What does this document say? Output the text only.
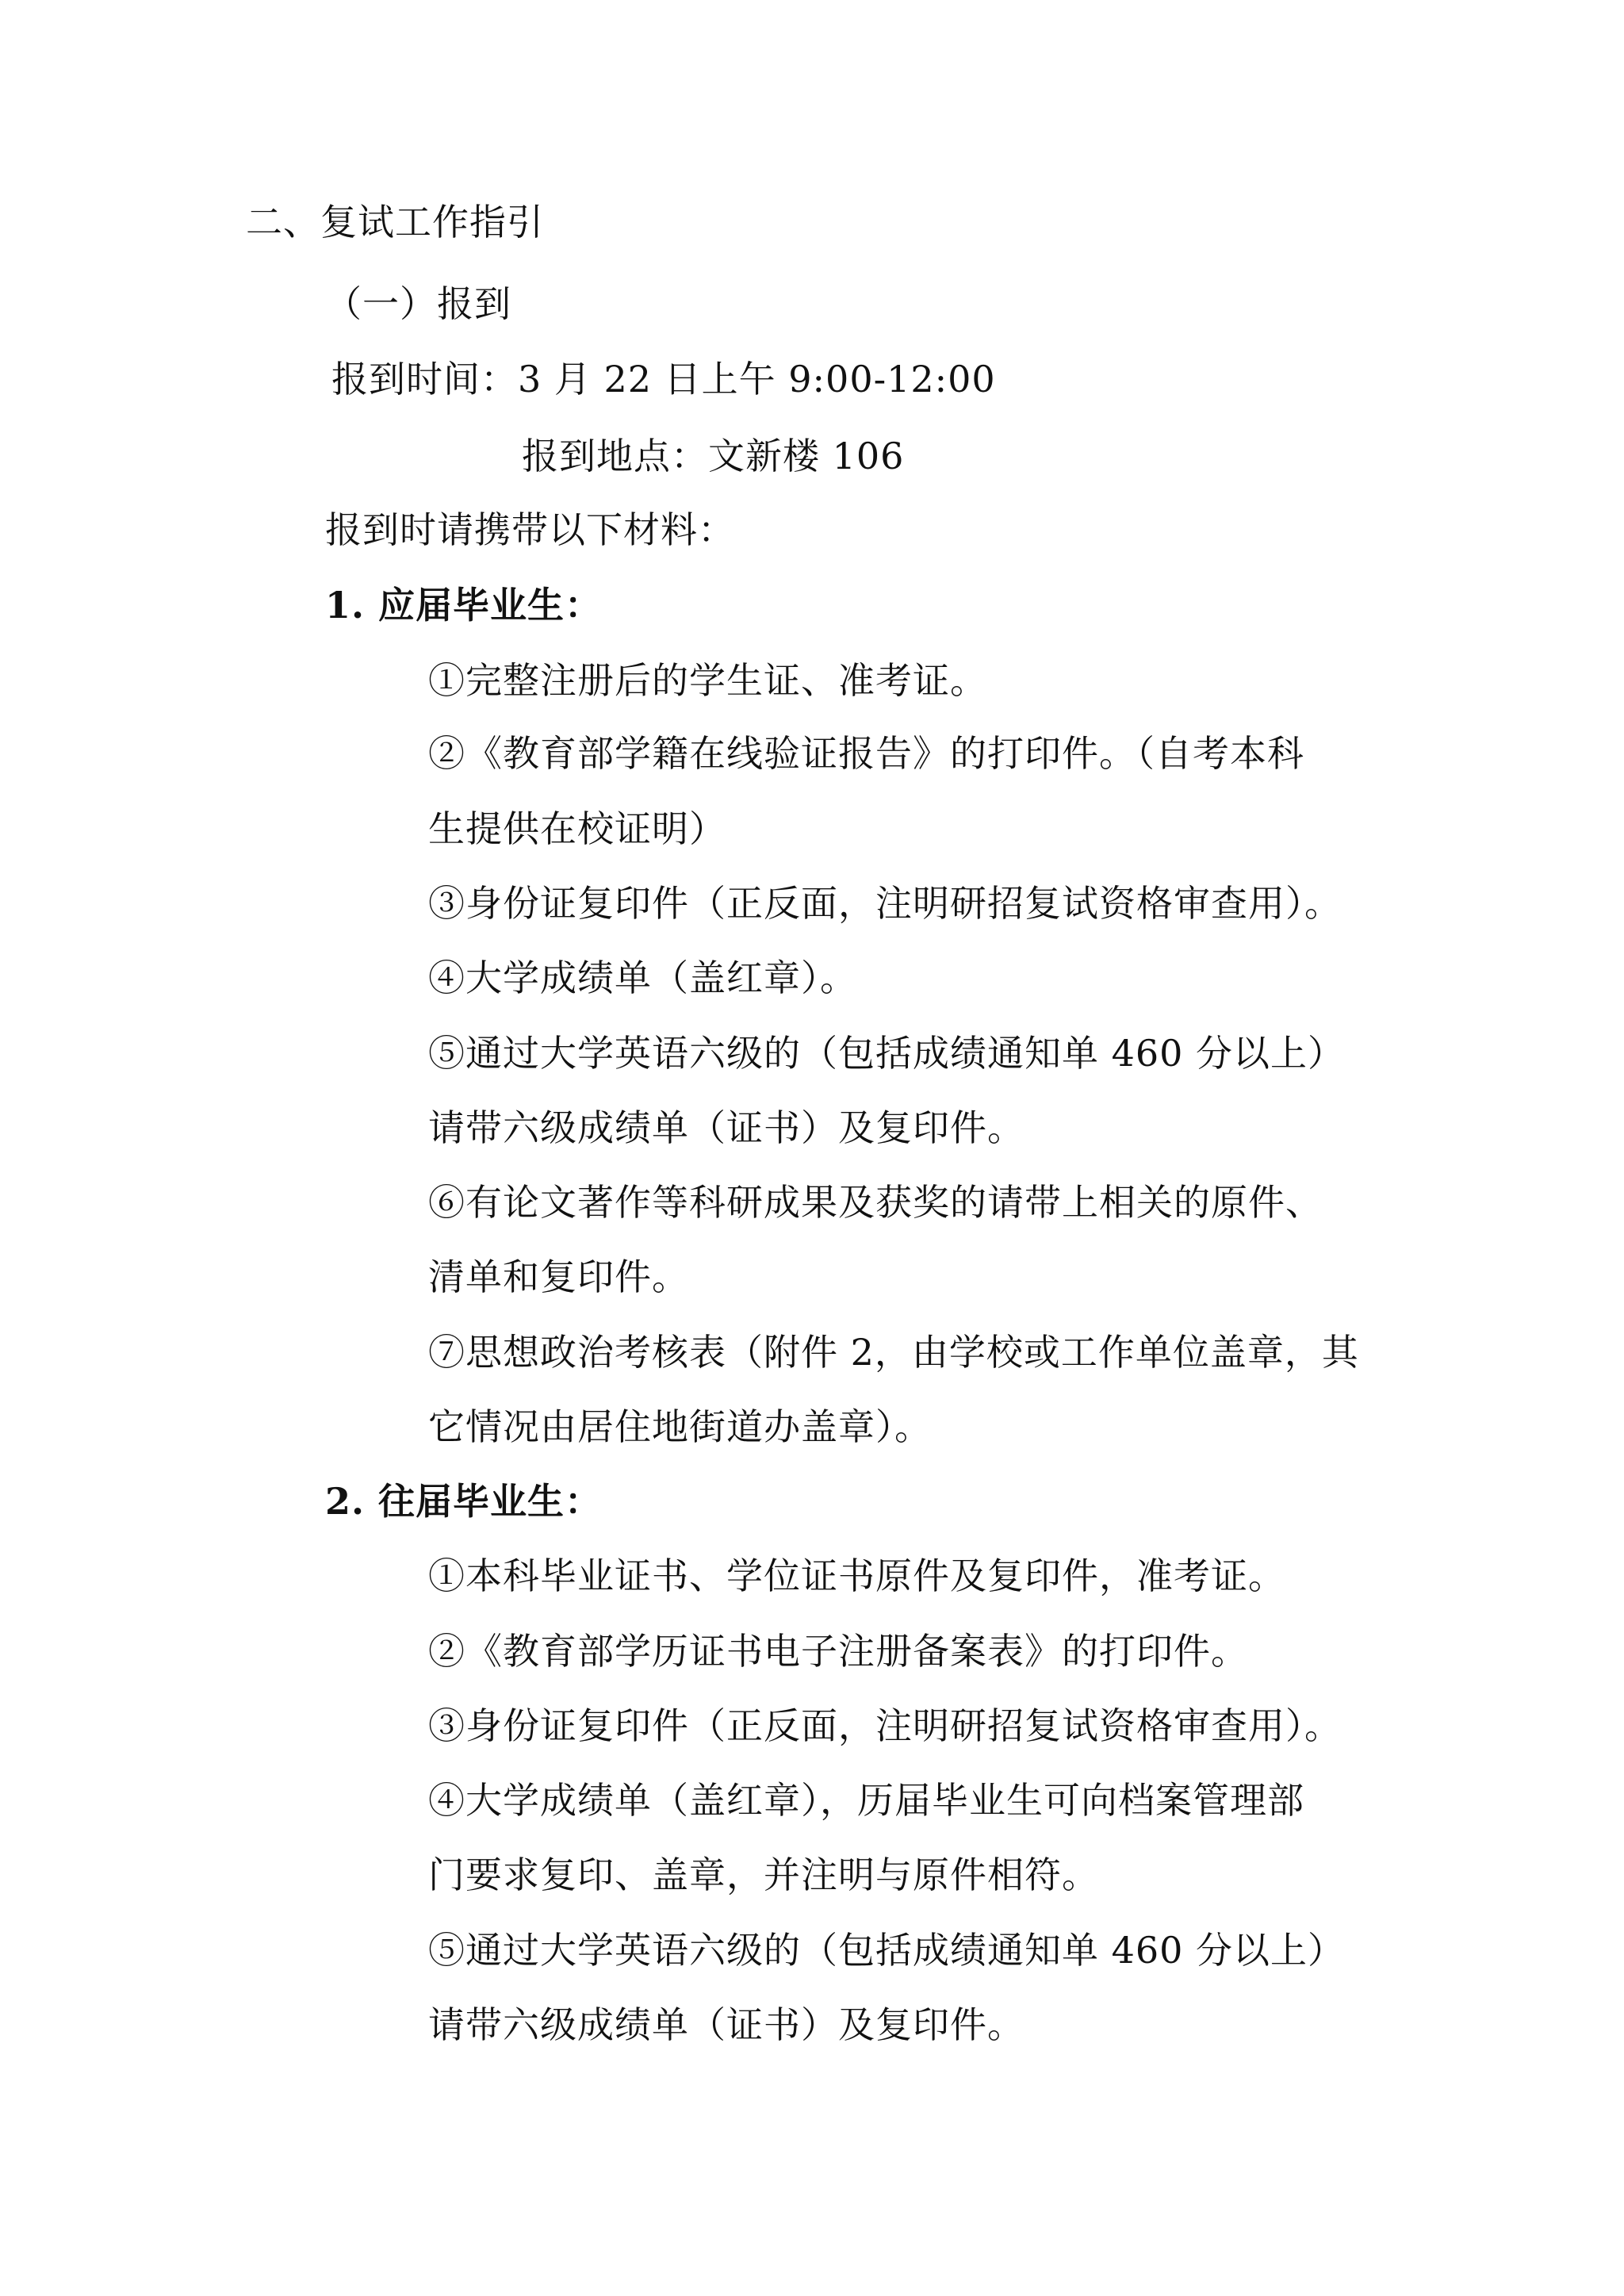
二、复试工作指引
（一）报到
报到时间：3 月 22 日上午 9:00-12:00
报到地点：文新楼 106
报到时请携带以下材料：
1. 应届毕业生：
①完整注册后的学生证、准考证。
②《教育部学籍在线验证报告》的打印件。（自考本科
生提供在校证明）
③身份证复印件（正反面，注明研招复试资格审查用）。
④大学成绩单（盖红章）。
⑤通过大学英语六级的（包括成绩通知单 460 分以上）
请带六级成绩单（证书）及复印件。
⑥有论文著作等科研成果及获奖的请带上相关的原件、
清单和复印件。
⑦思想政治考核表（附件 2，由学校或工作单位盖章，其
它情况由居住地街道办盖章）。
2. 往届毕业生：
①本科毕业证书、学位证书原件及复印件，准考证。
②《教育部学历证书电子注册备案表》的打印件。
③身份证复印件（正反面，注明研招复试资格审查用）。
④大学成绩单（盖红章），历届毕业生可向档案管理部
门要求复印、盖章，并注明与原件相符。
⑤通过大学英语六级的（包括成绩通知单 460 分以上）
请带六级成绩单（证书）及复印件。
